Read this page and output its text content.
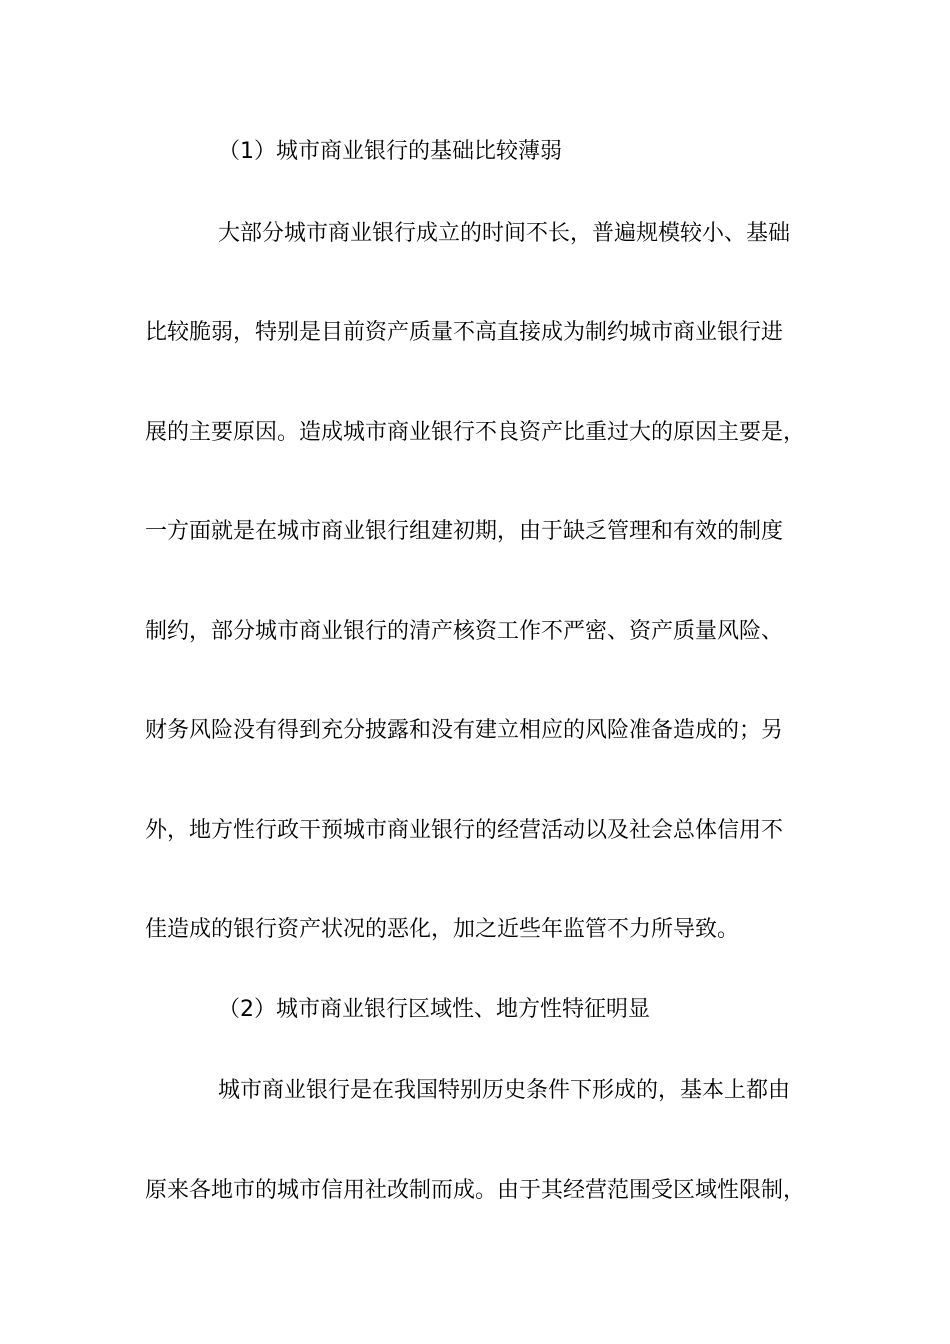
（1）城市商业银行的基础比较薄弱
大部分城市商业银行成立的时间不长，普遍规模较小、基础
比较脆弱，特别是目前资产质量不高直接成为制约城市商业银行进
展的主要原因。造成城市商业银行不良资产比重过大的原因主要是，
一方面就是在城市商业银行组建初期，由于缺乏管理和有效的制度
制约，部分城市商业银行的清产核资工作不严密、资产质量风险、
财务风险没有得到充分披露和没有建立相应的风险准备造成的；另
外，地方性行政干预城市商业银行的经营活动以及社会总体信用不
佳造成的银行资产状况的恶化，加之近些年监管不力所导致。
（2）城市商业银行区域性、地方性特征明显
城市商业银行是在我国特别历史条件下形成的，基本上都由
原来各地市的城市信用社改制而成。由于其经营范围受区域性限制，
